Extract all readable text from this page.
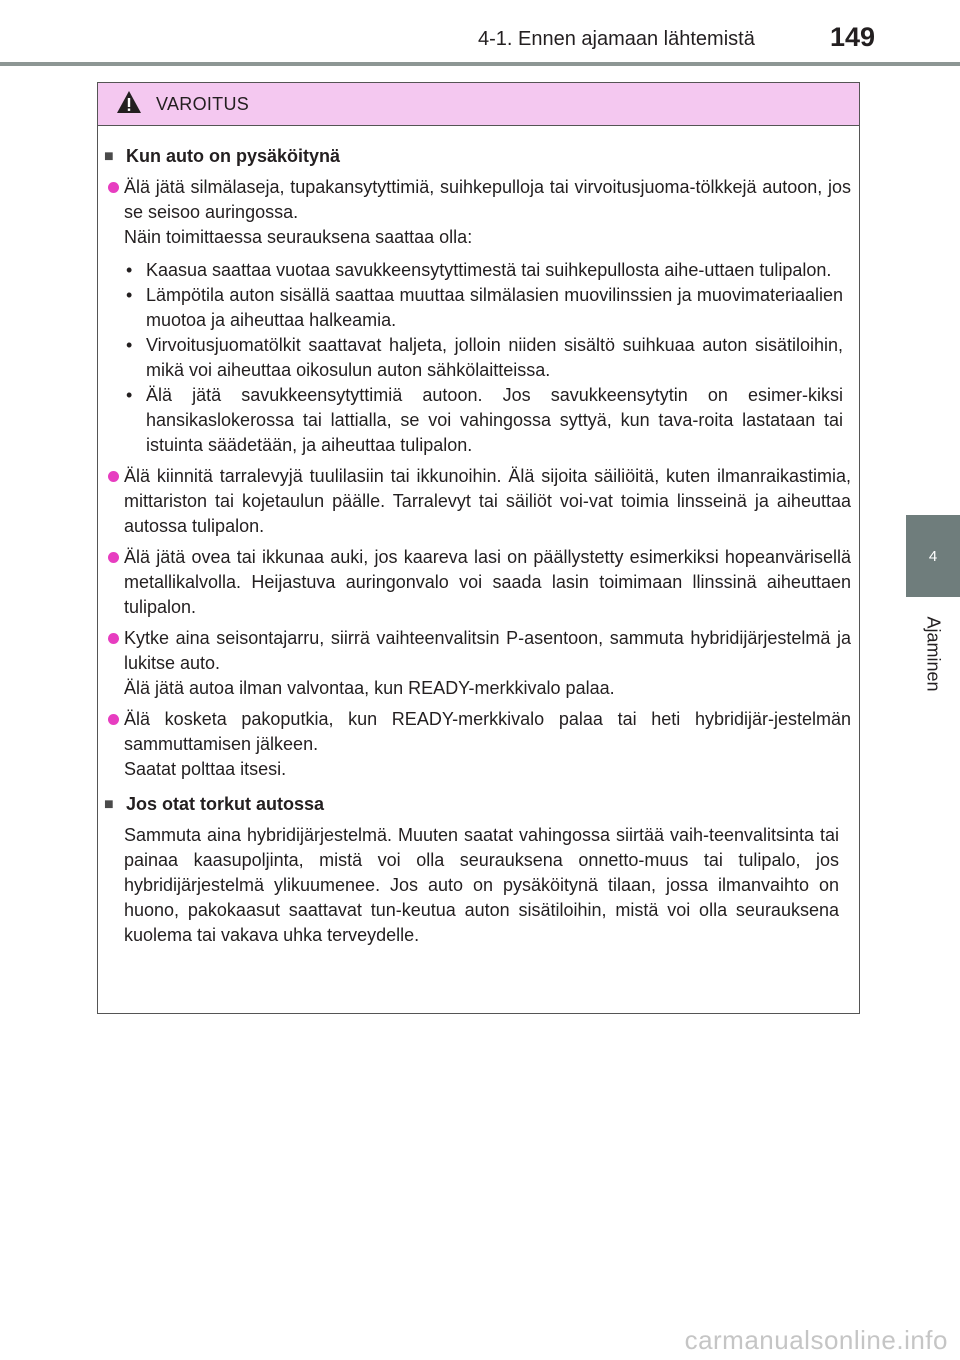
4-1. Ennen ajamaan lähtemistä	149
4
Ajaminen
VAROITUS
■ Kun auto on pysäköitynä

Älä jätä silmälaseja, tupakansytyttimiä, suihkepulloja tai virvoitusjuoma-tölkkejä autoon, jos se seisoo auringossa.

Näin toimittaessa seurauksena saattaa olla:

• Kaasua saattaa vuotaa savukkeensytyttimestä tai suihkepullosta aihe-uttaen tulipalon.
• Lämpötila auton sisällä saattaa muuttaa silmälasien muovilinssien ja muovimateriaalien muotoa ja aiheuttaa halkeamia.
• Virvoitusjuomatölkit saattavat haljeta, jolloin niiden sisältö suihkuaa auton sisätiloihin, mikä voi aiheuttaa oikosulun auton sähkölaitteissa.
• Älä jätä savukkeensytyttimiä autoon. Jos savukkeensytytin on esimer-kiksi hansikaslokerossa tai lattialla, se voi vahingossa syttyä, kun tava-roita lastataan tai istuinta säädetään, ja aiheuttaa tulipalon.

Älä kiinnitä tarralevyjä tuulilasiin tai ikkunoihin. Älä sijoita säiliöitä, kuten ilmanraikastimia, mittariston tai kojetaulun päälle. Tarralevyt tai säiliöt voi-vat toimia linsseinä ja aiheuttaa autossa tulipalon.

Älä jätä ovea tai ikkunaa auki, jos kaareva lasi on päällystetty esimerkiksi hopeanvärisellä metallikalvolla. Heijastuva auringonvalo voi saada lasin toimimaan llinssinä aiheuttaen tulipalon.

Kytke aina seisontajarru, siirrä vaihteenvalitsin P-asentoon, sammuta hybridijärjestelmä ja lukitse auto.

Älä jätä autoa ilman valvontaa, kun READY-merkkivalo palaa.

Älä kosketa pakoputkia, kun READY-merkkivalo palaa tai heti hybridijär-jestelmän sammuttamisen jälkeen.

Saatat polttaa itsesi.

■ Jos otat torkut autossa
Sammuta aina hybridijärjestelmä. Muuten saatat vahingossa siirtää vaih-teenvalitsinta tai painaa kaasupoljinta, mistä voi olla seurauksena onnetto-muus tai tulipalo, jos hybridijärjestelmä ylikuumenee. Jos auto on pysäköitynä tilaan, jossa ilmanvaihto on huono, pakokaasut saattavat tun-keutua auton sisätiloihin, mistä voi olla seurauksena kuolema tai vakava uhka terveydelle.
carmanualsonline.info
